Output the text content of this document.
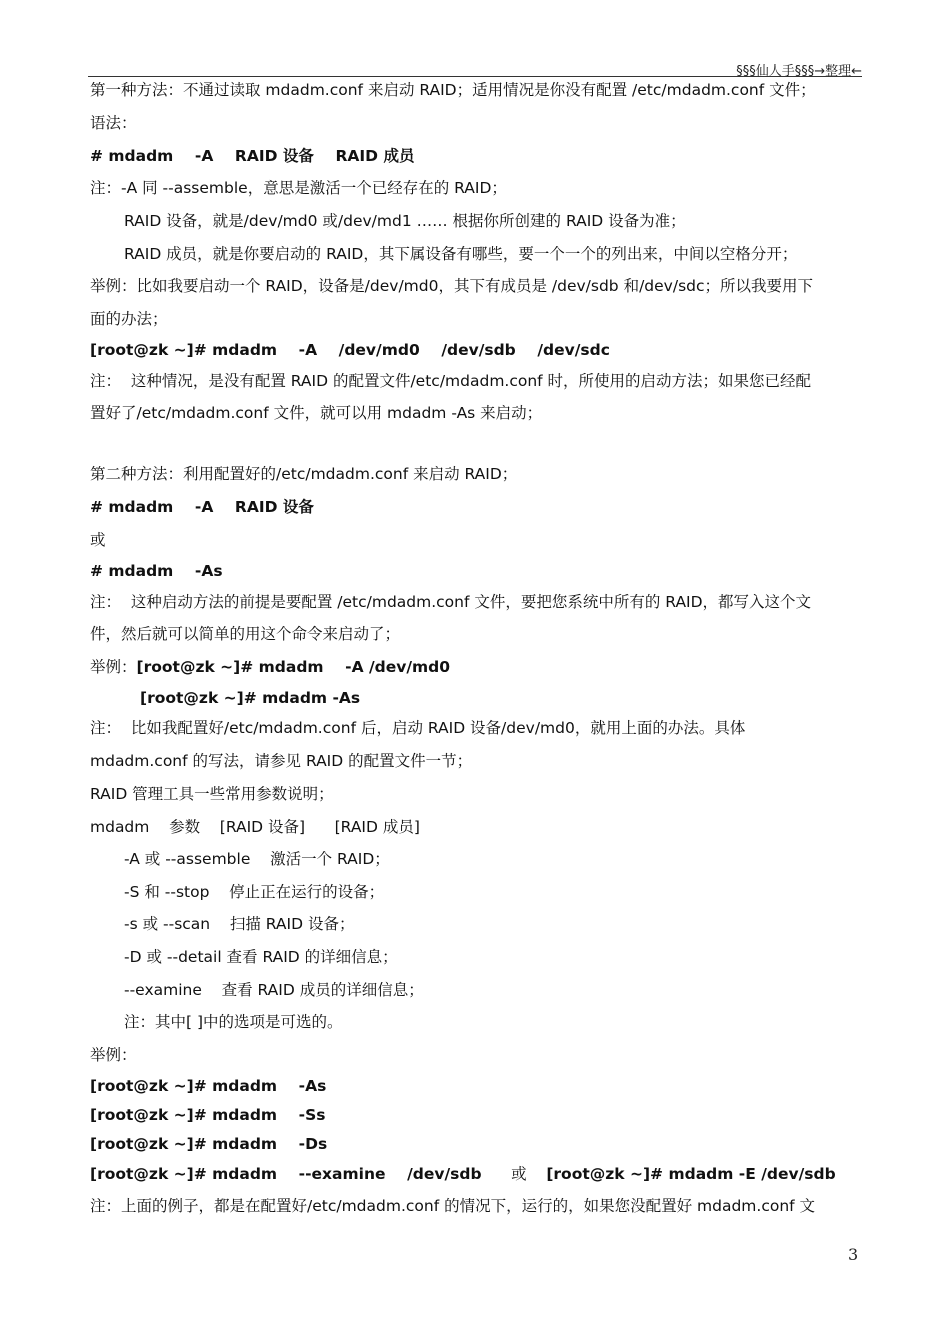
§§§仙人手§§§→整理←
第一种方法：不通过读取 mdadm.conf 来启动 RAID；适用情况是你没有配置 /etc/mdadm.conf 文件；
语法：
# mdadm    -A    RAID 设备    RAID 成员
注：-A 同 --assemble，意思是激活一个已经存在的 RAID；
RAID 设备，就是/dev/md0 或/dev/md1 …… 根据你所创建的 RAID 设备为准；
RAID 成员，就是你要启动的 RAID，其下属设备有哪些，要一个一个的列出来，中间以空格分开；
举例：比如我要启动一个 RAID，设备是/dev/md0，其下有成员是 /dev/sdb 和/dev/sdc；所以我要用下
面的办法；
[root@zk ~]# mdadm    -A    /dev/md0    /dev/sdb    /dev/sdc
注：  这种情况，是没有配置 RAID 的配置文件/etc/mdadm.conf 时，所使用的启动方法；如果您已经配
置好了/etc/mdadm.conf 文件，就可以用 mdadm -As 来启动；
第二种方法：利用配置好的/etc/mdadm.conf 来启动 RAID；
# mdadm    -A    RAID 设备
或
# mdadm    -As
注：  这种启动方法的前提是要配置 /etc/mdadm.conf 文件，要把您系统中所有的 RAID，都写入这个文
件，然后就可以简单的用这个命令来启动了；
举例：[root@zk ~]# mdadm    -A /dev/md0
[root@zk ~]# mdadm -As
注：  比如我配置好/etc/mdadm.conf 后，启动 RAID 设备/dev/md0，就用上面的办法。具体
mdadm.conf 的写法，请参见 RAID 的配置文件一节；
RAID 管理工具一些常用参数说明；
mdadm    参数    [RAID 设备]      [RAID 成员]
-A 或 --assemble    激活一个 RAID；
-S 和 --stop    停止正在运行的设备；
-s 或 --scan    扫描 RAID 设备；
-D 或 --detail 查看 RAID 的详细信息；
--examine    查看 RAID 成员的详细信息；
注：其中[ ]中的选项是可选的。
举例：
[root@zk ~]# mdadm    -As
[root@zk ~]# mdadm    -Ss
[root@zk ~]# mdadm    -Ds
[root@zk ~]# mdadm    --examine    /dev/sdb      或    [root@zk ~]# mdadm -E /dev/sdb
注：上面的例子，都是在配置好/etc/mdadm.conf 的情况下，运行的，如果您没配置好 mdadm.conf 文
3
